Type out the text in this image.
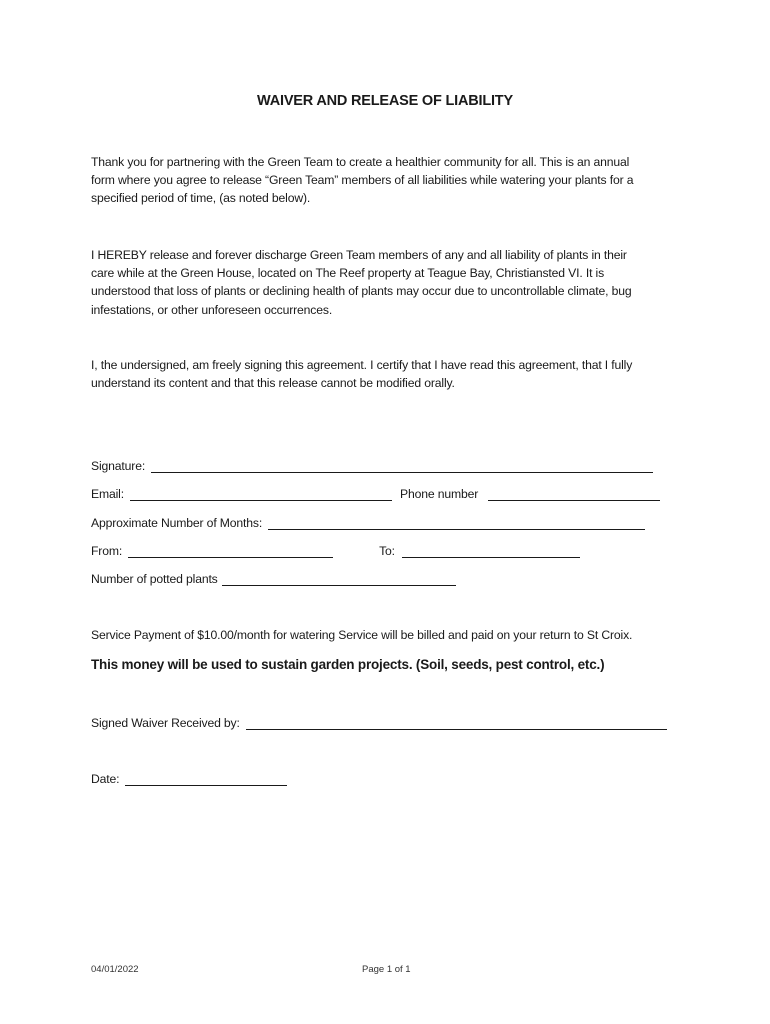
WAIVER AND RELEASE OF LIABILITY
Thank you for partnering with the Green Team to create a healthier community for all. This is an annual
form where you agree to release “Green Team” members of all liabilities while watering your plants for a
specified period of time, (as noted below).
I HEREBY release and forever discharge Green Team members of any and all liability of plants in their
care while at the Green House, located on The Reef property at Teague Bay, Christiansted VI. It is
understood that loss of plants or declining health of plants may occur due to uncontrollable climate, bug
infestations, or other unforeseen occurrences.
I, the undersigned, am freely signing this agreement. I certify that I have read this agreement, that I fully
understand its content and that this release cannot be modified orally.
Signature:
Email:	Phone number
Approximate Number of Months:
From:	To:
Number of potted plants
Service Payment of $10.00/month for watering Service will be billed and paid on your return to St Croix.
This money will be used to sustain garden projects. (Soil, seeds, pest control, etc.)
Signed Waiver Received by:
Date:
04/01/2022	Page 1 of 1
